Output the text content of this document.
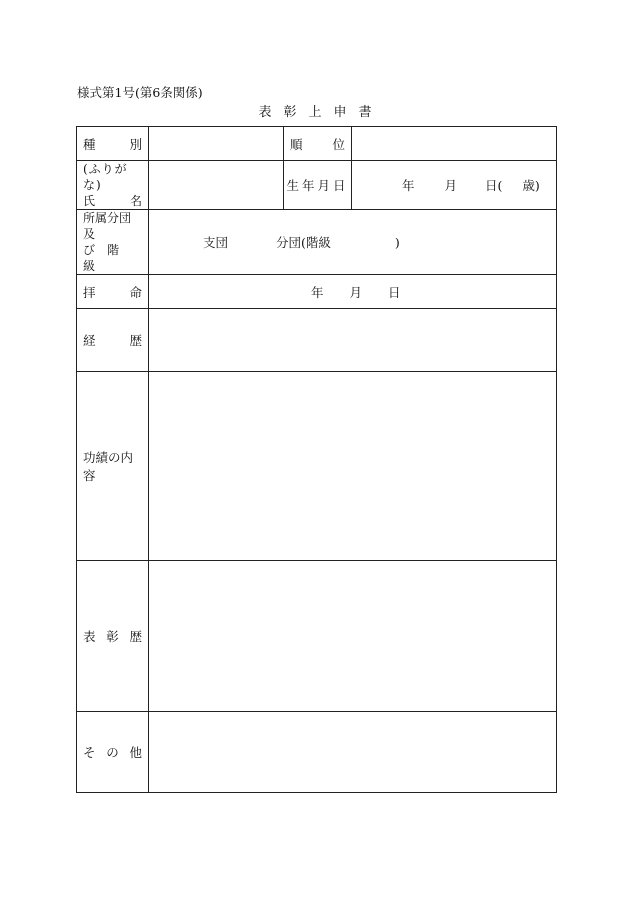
様式第1号(第6条関係)
表彰上申書
種 別		順 位	

(ふりがな)
氏 名		生年月日	年 月 日( 歳)

所属分団及
び　階　級	支団 分団(階級 )		

拝 命	年 月 日		

経 歴			

功績の内容			

表 彰 歴			

そ の 他			
